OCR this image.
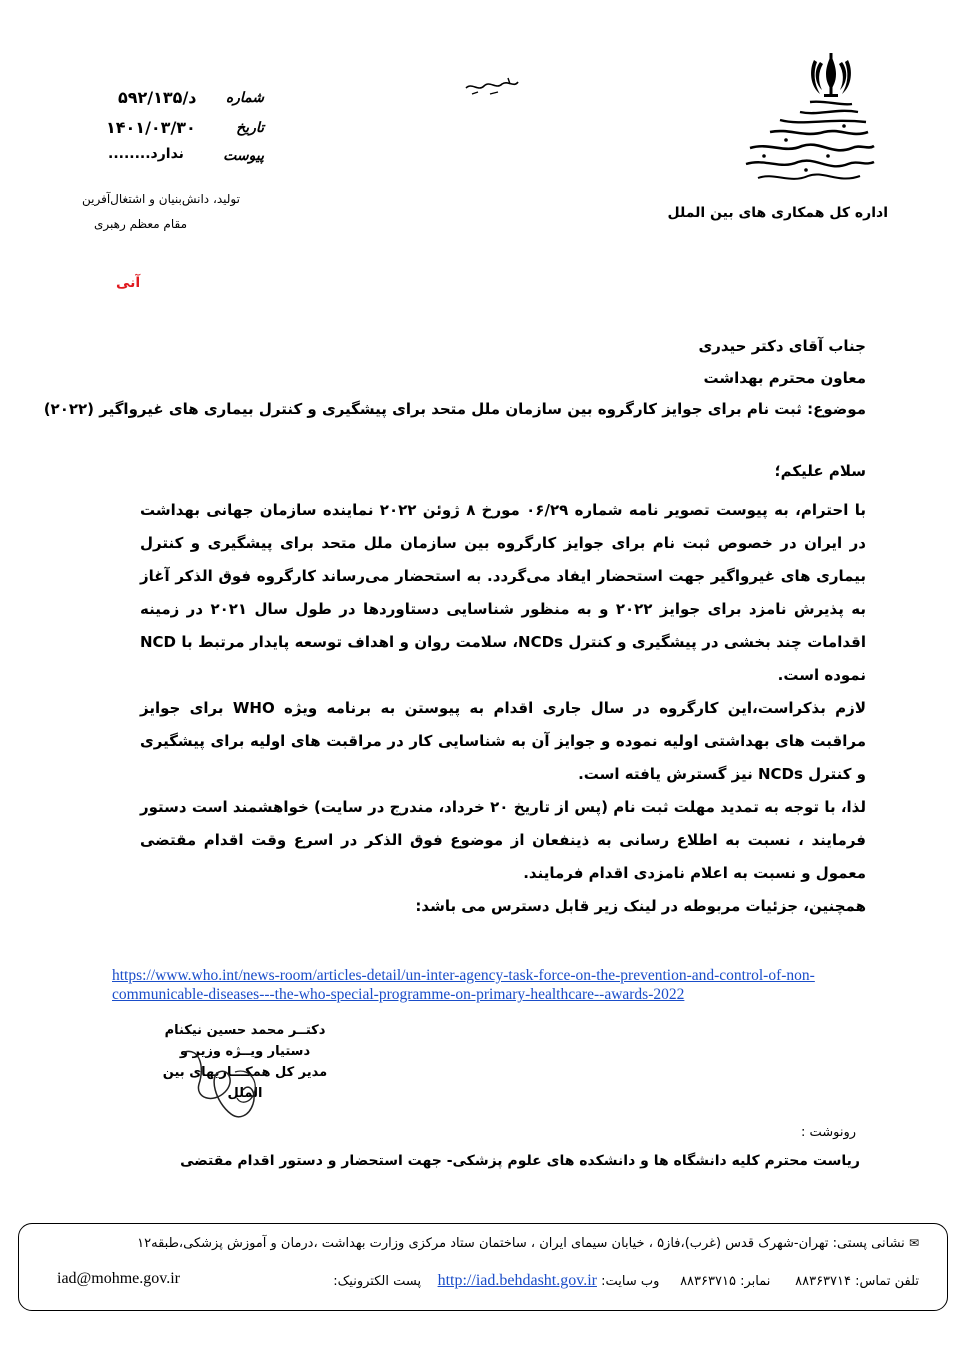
اداره کل همکاری های بین الملل
د/۵۹۲/۱۳۵ شماره
۱۴۰۱/۰۳/۳۰	تاریخ
........ندارد	پیوست
تولید، دانش‌بنیان و اشتغال‌آفرین
مقام معظم رهبری
آنی
جناب آقای دکتر حیدری
معاون محترم بهداشت
موضوع: ثبت نام برای جوایز کارگروه بین سازمان ملل متحد برای پیشگیری و کنترل بیماری های غیرواگیر (۲۰۲۲)
سلام علیکم؛

با احترام، به پیوست تصویر نامه شماره ۰۶/۲۹ مورخ ۸ ژوئن ۲۰۲۲ نماینده سازمان جهانی بهداشت در ایران در خصوص ثبت نام برای جوایز کارگروه بین سازمان ملل متحد برای پیشگیری و کنترل بیماری های غیرواگیر جهت استحضار ایفاد می‌گردد. به استحضار می‌رساند کارگروه فوق الذکر آغاز به پذیرش نامزد برای جوایز ۲۰۲۲ و به منظور شناسایی دستاوردها در طول سال ۲۰۲۱ در زمینه اقدامات چند بخشی در پیشگیری و کنترل NCDs، سلامت روان و اهداف توسعه پایدار مرتبط با NCD نموده است.

لازم بذکراست،این کارگروه در سال جاری اقدام به پیوستن به برنامه ویژه WHO برای جوایز مراقبت های بهداشتی اولیه نموده و جوایز آن به شناسایی کار در مراقبت های اولیه برای پیشگیری و کنترل NCDs نیز گسترش یافته است.

لذا، با توجه به تمدید مهلت ثبت نام (پس از تاریخ ۲۰ خرداد، مندرج در سایت) خواهشمند است دستور فرمایند ، نسبت به اطلاع رسانی به ذینفعان از موضوع فوق الذکر در اسرع وقت اقدام مقتضی معمول و نسبت به اعلام نامزدی اقدام فرمایند.

همچنین، جزئیات مربوطه در لینک زیر قابل دسترس می باشد:

https://www.who.int/news-room/articles-detail/un-inter-agency-task-force-on-the-prevention-and-control-of-non-communicable-diseases---the-who-special-programme-on-primary-healthcare--awards-2022
دکتــر محمد حسین نیکنام
دستیار ویــژه وزیر و
مدیر کل همکـــاریهای بین الملل
رونوشت :
ریاست محترم کلیه دانشگاه ها و دانشکده های علوم پزشکی- جهت استحضار و دستور اقدام مقتضی
✉ نشانی پستی: تهران-شهرک قدس (غرب)،فاز۵ ، خیابان سیمای ایران ، ساختمان ستاد مرکزی وزارت بهداشت ،درمان و آموزش پزشکی،طبقه۱۲
تلفن تماس: ۸۸۳۶۳۷۱۴      نمابر: ۸۸۳۶۳۷۱۵     وب سایت: http://iad.behdasht.gov.ir    پست الکترونیک:
iad@mohme.gov.ir
